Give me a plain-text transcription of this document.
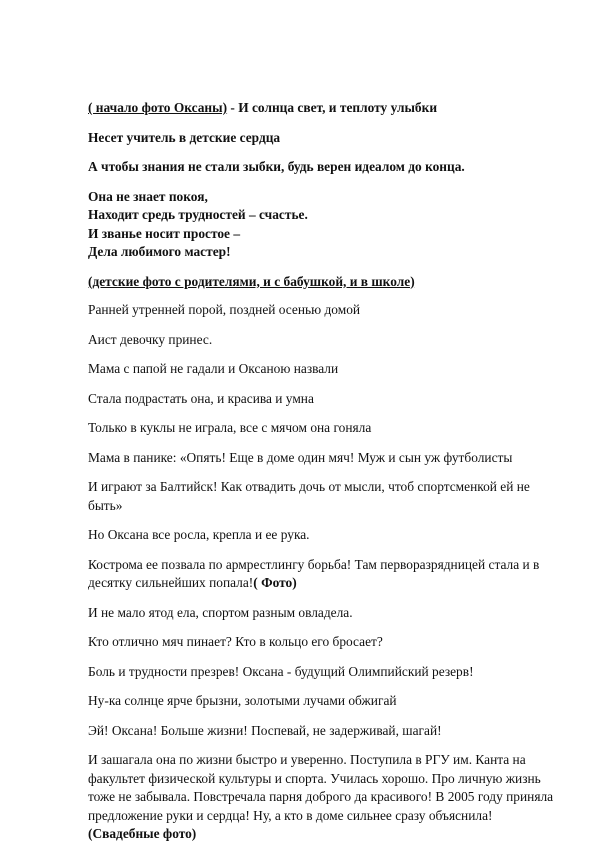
( начало фото Оксаны) - И солнца свет, и теплоту улыбки

Несет учитель в детские сердца

А чтобы знания не стали зыбки, будь верен идеалом до конца.

Она не знает покоя,

Находит средь трудностей – счастье.

И званье носит простое –

Дела любимого мастер!

(детские фото с родителями, и с бабушкой, и в школе)

Ранней утренней порой, поздней осенью домой

Аист девочку принес.

Мама с папой не гадали и Оксаною назвали

Стала подрастать она, и красива и умна

Только в куклы не играла, все с мячом она гоняла

Мама в панике: «Опять! Еще в доме один мяч! Муж и сын уж футболисты

И играют за Балтийск! Как отвадить дочь от мысли, чтоб спортсменкой ей не быть»

Но Оксана все росла, крепла и ее рука.

Кострома ее позвала по армрестлингу борьба! Там перворазрядницей стала и в десятку сильнейших попала!( Фото)

И не мало ятод ела, спортом разным овладела.

Кто отлично мяч пинает? Кто в кольцо его бросает?

Боль и трудности презрев! Оксана - будущий Олимпийский резерв!

Ну-ка солнце ярче брызни, золотыми лучами обжигай

Эй! Оксана! Больше жизни! Поспевай, не задерживай, шагай!

И зашагала она по жизни быстро и уверенно. Поступила в РГУ им. Канта на факультет физической культуры и спорта. Училась хорошо. Про личную жизнь тоже не забывала. Повстречала парня доброго да красивого! В 2005 году приняла предложение руки и сердца! Ну, а кто в доме сильнее сразу объяснила! (Свадебные фото)
